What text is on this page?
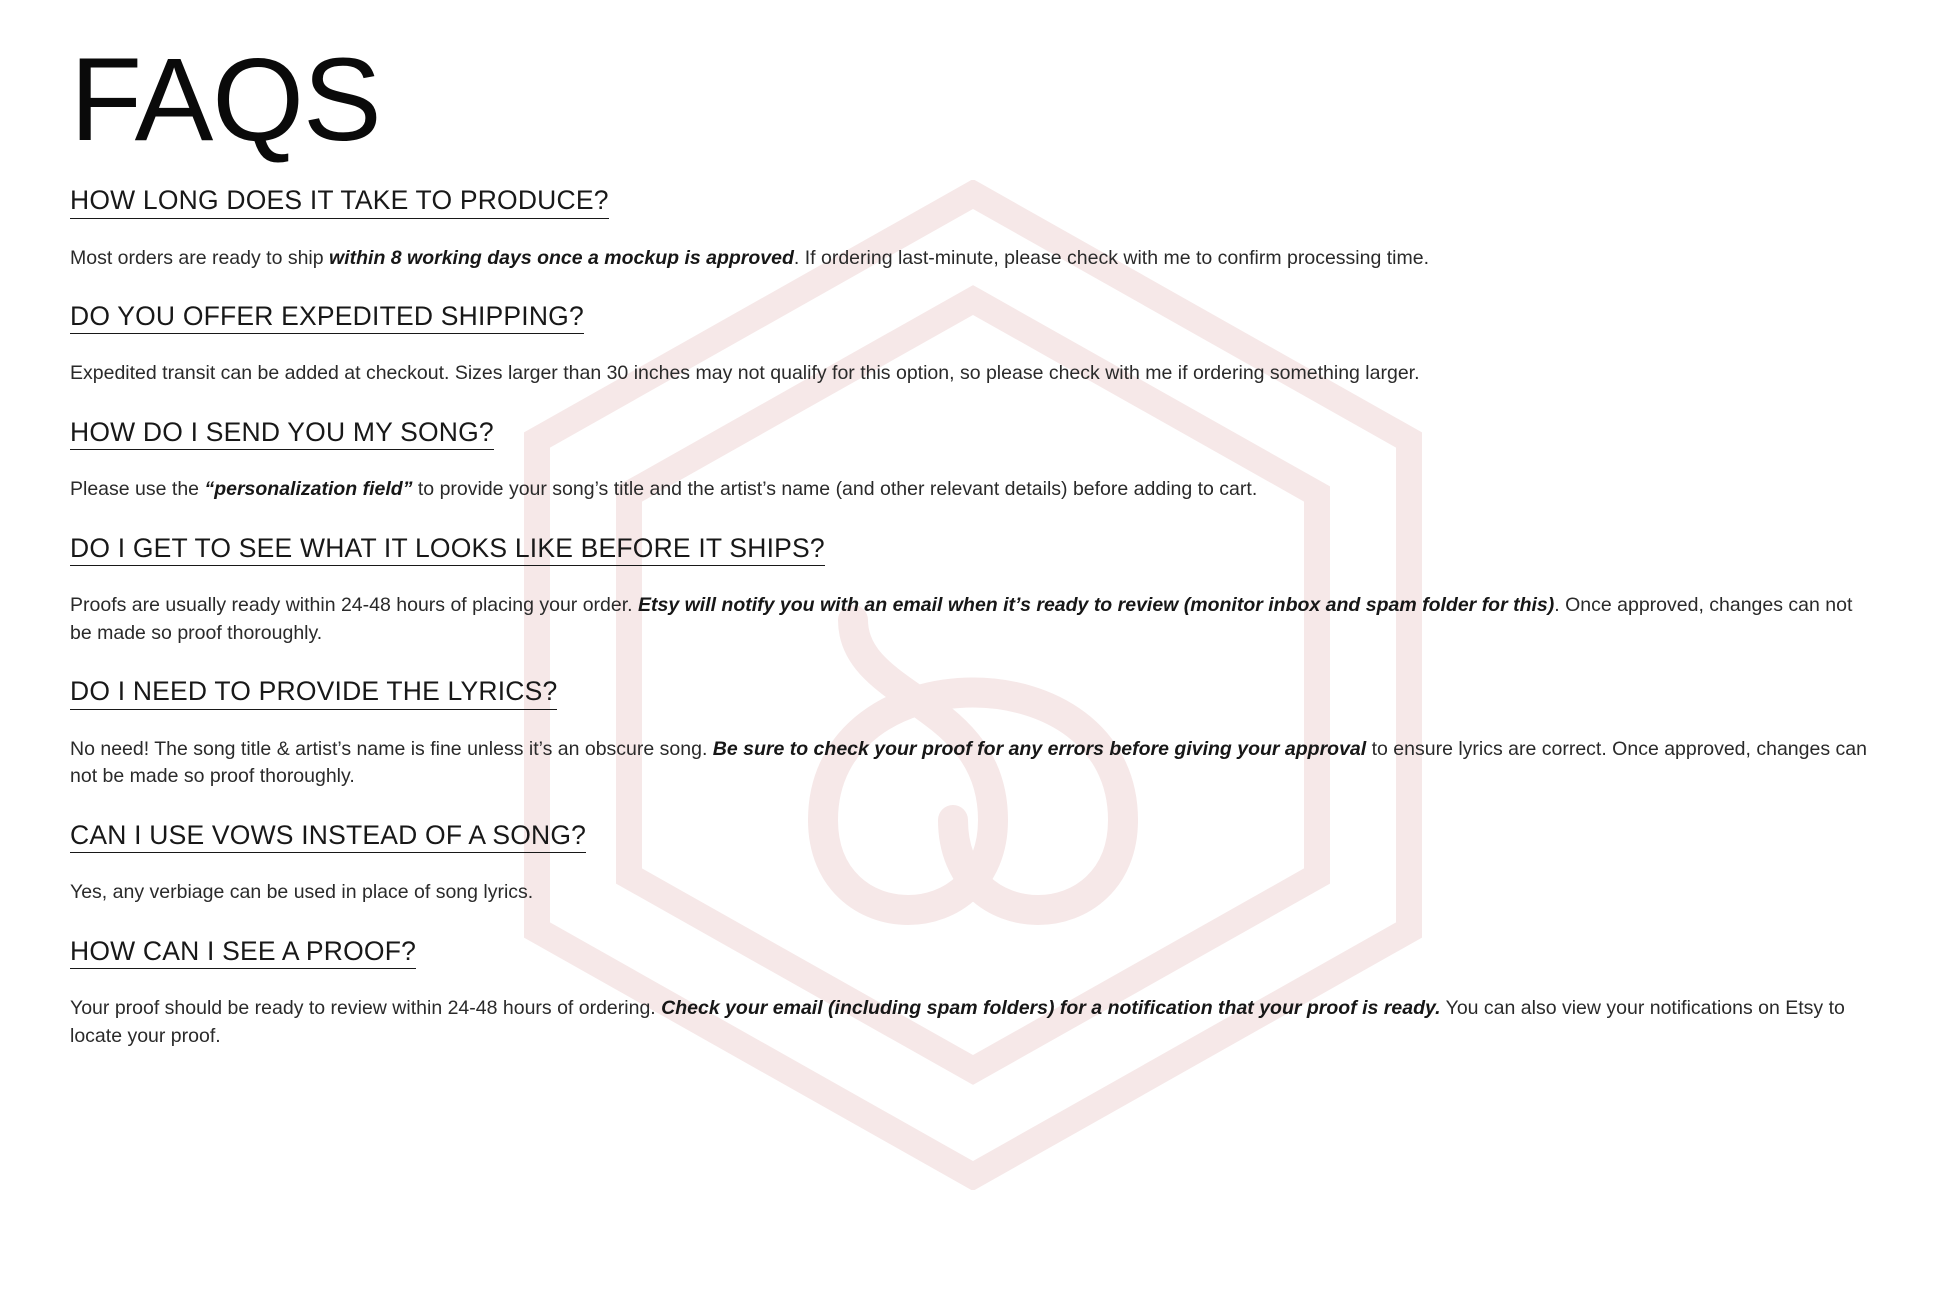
FAQS
HOW LONG DOES IT TAKE TO PRODUCE?

Most orders are ready to ship within 8 working days once a mockup is approved. If ordering last-minute, please check with me to confirm processing time.

DO YOU OFFER EXPEDITED SHIPPING?

Expedited transit can be added at checkout. Sizes larger than 30 inches may not qualify for this option, so please check with me if ordering something larger.

HOW DO I SEND YOU MY SONG?

Please use the “personalization field” to provide your song’s title and the artist’s name (and other relevant details) before adding to cart.

DO I GET TO SEE WHAT IT LOOKS LIKE BEFORE IT SHIPS?

Proofs are usually ready within 24-48 hours of placing your order. Etsy will notify you with an email when it’s ready to review (monitor inbox and spam folder for this). Once approved, changes can not be made so proof thoroughly.

DO I NEED TO PROVIDE THE LYRICS?

No need! The song title & artist’s name is fine unless it’s an obscure song. Be sure to check your proof for any errors before giving your approval to ensure lyrics are correct. Once approved, changes can not be made so proof thoroughly.

CAN I USE VOWS INSTEAD OF A SONG?

Yes, any verbiage can be used in place of song lyrics.

HOW CAN I SEE A PROOF?

Your proof should be ready to review within 24-48 hours of ordering. Check your email (including spam folders) for a notification that your proof is ready. You can also view your notifications on Etsy to locate your proof.
